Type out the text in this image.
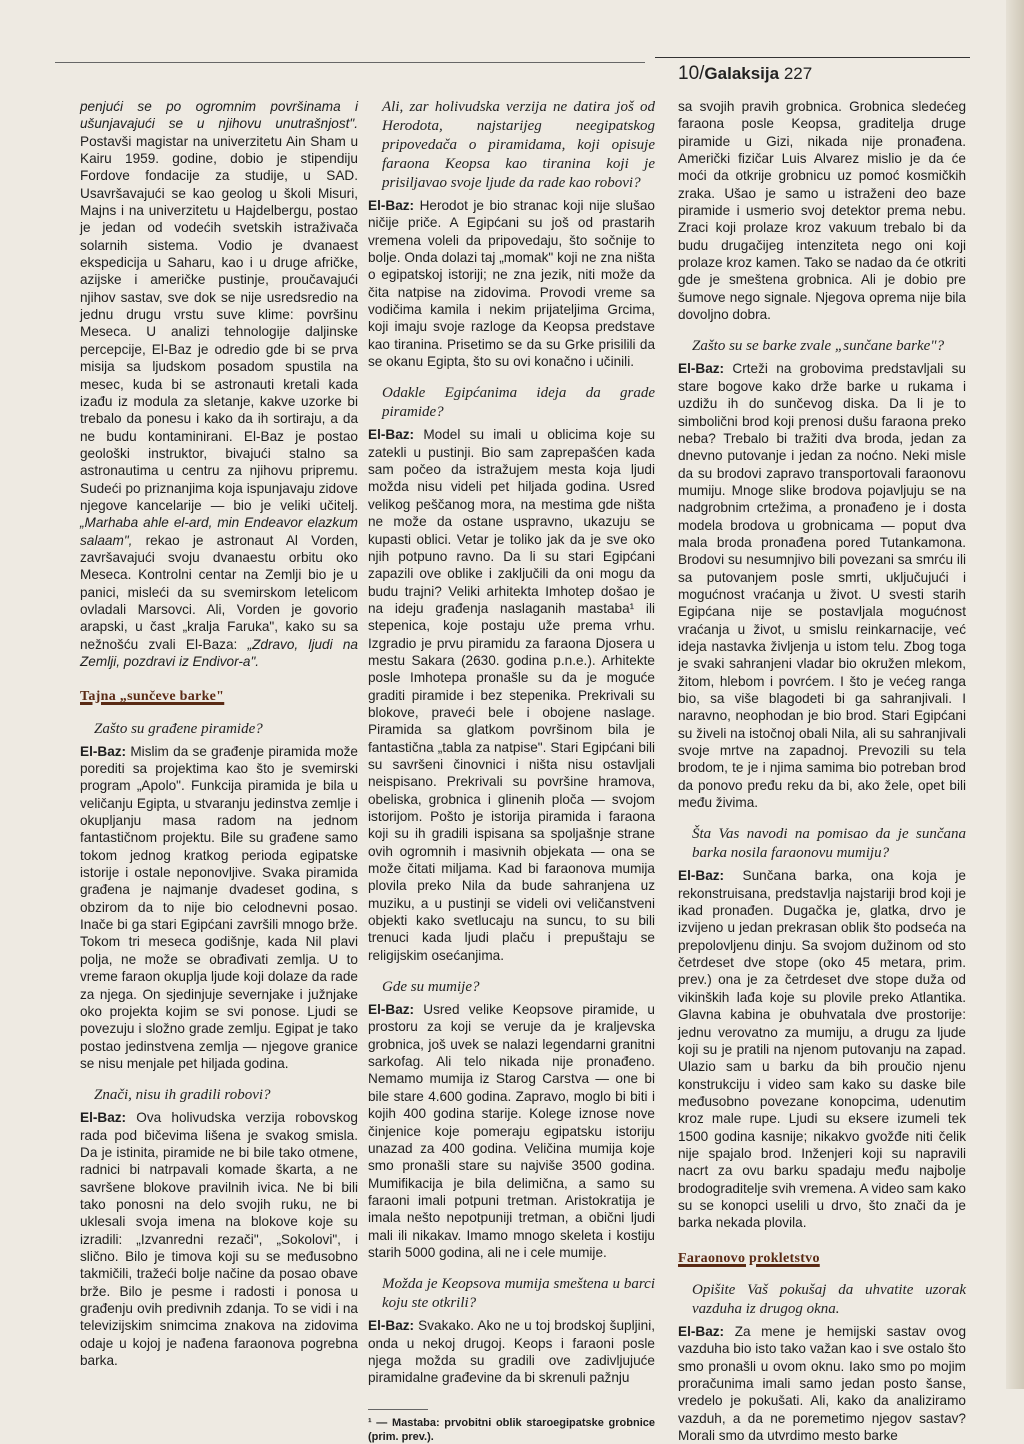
10/Galaksija 227

penjući se po ogromnim površinama i ušunjavajući se u njihovu unutrašnjost". Postavši magistar na univerzitetu Ain Sham u Kairu 1959. godine, dobio je stipendiju Fordove fondacije za studije, u SAD. Usavršavajući se kao geolog u školi Misuri, Majns i na univerzitetu u Hajdelbergu, postao je jedan od vodećih svetskih istraživača solarnih sistema. Vodio je dvanaest ekspedicija u Saharu, kao i u druge afričke, azijske i američke pustinje, proučavajući njihov sastav, sve dok se nije usredsredio na jednu drugu vrstu suve klime: površinu Meseca. U analizi tehnologije daljinske percepcije, El-Baz je odredio gde bi se prva misija sa ljudskom posadom spustila na mesec, kuda bi se astronauti kretali kada izađu iz modula za sletanje, kakve uzorke bi trebalo da ponesu i kako da ih sortiraju, a da ne budu kontaminirani. El-Baz je postao geološki instruktor, bivajući stalno sa astronautima u centru za njihovu pripremu. Sudeći po priznanjima koja ispunjavaju zidove njegove kancelarije — bio je veliki učitelj. „Marhaba ahle el-ard, min Endeavor elazkum salaam", rekao je astronaut Al Vorden, završavajući svoju dvanaestu orbitu oko Meseca. Kontrolni centar na Zemlji bio je u panici, misleći da su svemirskom letelicom ovladali Marsovci. Ali, Vorden je govorio arapski, u čast „kralja Faruka", kako su sa nežnošću zvali El-Baza: „Zdravo, ljudi na Zemlji, pozdravi iz Endivor-a".

Tajna „sunčeve barke"
Zašto su građene piramide?

El-Baz: Mislim da se građenje piramida može porediti sa projektima kao što je svemirski program „Apolo". Funkcija piramida je bila u veličanju Egipta, u stvaranju jedinstva zemlje i okupljanju masa radom na jednom fantastičnom projektu. Bile su građene samo tokom jednog kratkog perioda egipatske istorije i ostale neponovljive. Svaka piramida građena je najmanje dvadeset godina, s obzirom da to nije bio celodnevni posao. Inače bi ga stari Egipćani završili mnogo brže. Tokom tri meseca godišnje, kada Nil plavi polja, ne može se obrađivati zemlja. U to vreme faraon okupljа ljude koji dolaze da rade za njega. On sjedinjuje severnjake i južnjake oko projekta kojim se svi ponose. Ljudi se povezuju i složno grade zemlju. Egipat je tako postao jedinstvena zemlja — njegove granice se nisu menjale pet hiljada godina.

Znači, nisu ih gradili robovi?

El-Baz: Ova holivudska verzija robovskog rada pod bičevima lišena je svakog smisla. Da je istinita, piramide ne bi bile tako otmene, radnici bi natrpavali komade škarta, a ne savršene blokove pravilnih ivica. Ne bi bili tako ponosni na delo svojih ruku, ne bi uklesali svoja imena na blokove koje su izradili: „Izvanredni rezači", „Sokolovi", i slično. Bilo je timova koji su se međusobno takmičili, tražeći bolje načine da posao obave brže. Bilo je pesme i radosti i ponosa u građenju ovih predivnih zdanja. To se vidi i na televizijskim snimcima znakova na zidovima odaje u kojoj je nađena faraonova pogrebna barka.

Ali, zar holivudska verzija ne datira još od Herodota, najstarijeg neegipatskog pripovedača o piramidama, koji opisuje faraona Keopsa kao tiranina koji je prisiljavao svoje ljude da rade kao robovi?

El-Baz: Herodot je bio stranac koji nije slušao ničije priče. A Egipćani su još od prastarih vremena voleli da pripovedaju, što sočnije to bolje. Onda dolazi taj „momak" koji ne zna ništa o egipatskoj istoriji; ne zna jezik, niti može da čita natpise na zidovima. Provodi vreme sa vodičima kamila i nekim prijateljima Grcima, koji imaju svoje razloge da Keopsa predstave kao tiranina. Prisetimo se da su Grke prisilili da se okanu Egipta, što su ovi konačno i učinili.

Odakle Egipćanima ideja da grade piramide?

El-Baz: Model su imali u oblicima koje su zatekli u pustinji. Bio sam zaprepašćen kada sam počeo da istražujem mesta koja ljudi možda nisu videli pet hiljada godina. Usred velikog peščanog mora, na mestima gde ništa ne može da ostane uspravno, ukazuju se kupasti oblici. Vetar je toliko jak da je sve oko njih potpuno ravno. Da li su stari Egipćani zapazili ove oblike i zaključili da oni mogu da budu trajni? Veliki arhitekta Imhotep došao je na ideju građenja naslaganih mastaba¹ ili stepenica, koje postaju uže prema vrhu. Izgradio je prvu piramidu za faraona Djosera u mestu Sakara (2630. godina p.n.e.). Arhitekte posle Imhotepa pronašle su da je moguće graditi piramide i bez stepenika. Prekrivali su blokove, praveći bele i obojene naslage. Piramida sa glatkom površinom bila je fantastična „tabla za natpise". Stari Egipćani bili su savršeni činovnici i ništa nisu ostavljali neispisano. Prekrivali su površine hramova, obeliska, grobnica i glinenih ploča — svojom istorijom. Pošto je istorija piramida i faraona koji su ih gradili ispisana sa spoljašnje strane ovih ogromnih i masivnih objekata — ona se može čitati miljama. Kad bi faraonova mumija plovila preko Nila da bude sahranjena uz muziku, a u pustinji se videli ovi veličanstveni objekti kako svetlucaju na suncu, to su bili trenuci kada ljudi plaču i prepuštaju se religijskim osećanjima.

Gde su mumije?

El-Baz: Usred velike Keopsove piramide, u prostoru za koji se veruje da je kraljevska grobnica, još uvek se nalazi legendarni granitni sarkofag. Ali telo nikada nije pronađeno. Nemamo mumija iz Starog Carstva — one bi bile stare 4.600 godina. Zapravo, moglo bi biti i kojih 400 godina starije. Kolege iznose nove činjenice koje pomeraju egipatsku istoriju unazad za 400 godina. Veličina mumija koje smo pronašli stare su najviše 3500 godina. Mumifikacija je bila delimična, a samo su faraoni imali potpuni tretman. Aristokratija je imala nešto nepotpuniji tretman, a obični ljudi mali ili nikakav. Imamo mnogo skeleta i kostiju starih 5000 godina, ali ne i cele mumije.

Možda je Keopsova mumija smeštena u barci koju ste otkrili?

El-Baz: Svakako. Ako ne u toj brodskoj šupljini, onda u nekoj drugoj. Keops i faraoni posle njega možda su gradili ove zadivljujuće piramidalne građevine da bi skrenuli pažnju

¹ — Mastaba: prvobitni oblik staroegipatske grobnice (prim. prev.).

sa svojih pravih grobnica. Grobnica sledećeg faraona posle Keopsa, graditelja druge piramide u Gizi, nikada nije pronađena. Američki fizičar Luis Alvarez mislio je da će moći da otkrije grobnicu uz pomoć kosmičkih zraka. Ušao je samo u istraženi deo baze piramide i usmerio svoj detektor prema nebu. Zraci koji prolaze kroz vakuum trebalo bi da budu drugačijeg intenziteta nego oni koji prolaze kroz kamen. Tako se nadao da će otkriti gde je smeštena grobnica. Ali je dobio pre šumove nego signale. Njegova oprema nije bila dovoljno dobra.

Zašto su se barke zvale „sunčane barke"?

El-Baz: Crteži na grobovima predstavljali su stare bogove kako drže barke u rukama i uzdižu ih do sunčevog diska. Da li je to simbolični brod koji prenosi dušu faraona preko neba? Trebalo bi tražiti dva broda, jedan za dnevno putovanje i jedan za noćno. Neki misle da su brodovi zapravo transportovali faraonovu mumiju. Mnoge slike brodova pojavljuju se na nadgrobnim crtežima, a pronađeno je i dosta modela brodova u grobnicama — poput dva mala broda pronađena pored Tutankamona. Brodovi su nesumnjivo bili povezani sa smrću ili sa putovanjem posle smrti, uključujući i mogućnost vraćanja u život. U svesti starih Egipćana nije se postavljala mogućnost vraćanja u život, u smislu reinkarnacije, već ideja nastavka življenja u istom telu. Zbog toga je svaki sahranjeni vladar bio okružen mlekom, žitom, hlebom i povrćem. I što je većeg ranga bio, sa više blagodeti bi ga sahranjivali. I naravno, neophodan je bio brod. Stari Egipćani su živeli na istočnoj obali Nila, ali su sahranjivali svoje mrtve na zapadnoj. Prevozili su tela brodom, te je i njima samima bio potreban brod da ponovo pređu reku da bi, ako žele, opet bili među živima.

Šta Vas navodi na pomisao da je sunčana barka nosila faraonovu mumiju?

El-Baz: Sunčana barka, ona koja je rekonstruisana, predstavlja najstariji brod koji je ikad pronađen. Dugačka je, glatka, drvo je izvijeno u jedan prekrasan oblik što podseća na prepolovljenu dinju. Sa svojom dužinom od sto četrdeset dve stope (oko 45 metara, prim. prev.) ona je za četrdeset dve stope duža od vikinških lađa koje su plovile preko Atlantika. Glavna kabina je obuhvatala dve prostorije: jednu verovatno za mumiju, a drugu za ljude koji su je pratili na njenom putovanju na zapad. Ulazio sam u barku da bih proučio njenu konstrukciju i video sam kako su daske bile međusobno povezane konopcima, udenutim kroz male rupe. Ljudi su eksere izumeli tek 1500 godina kasnije; nikakvo gvožđe niti čelik nije spajalo brod. Inženjeri koji su napravili nacrt za ovu barku spadaju među najbolje brodograditelje svih vremena. A video sam kako su se konopci uselili u drvo, što znači da je barka nekada plovila.

Faraonovo prokletstvo
Opišite Vaš pokušaj da uhvatite uzorak vazduha iz drugog okna.

El-Baz: Za mene je hemijski sastav ovog vazduha bio isto tako važan kao i sve ostalo što smo pronašli u ovom oknu. Iako smo po mojim proračunima imali samo jedan posto šanse, vredelo je pokušati. Ali, kako da analiziramo vazduh, a da ne poremetimo njegov sastav? Morali smo da utvrdimo mesto barke
